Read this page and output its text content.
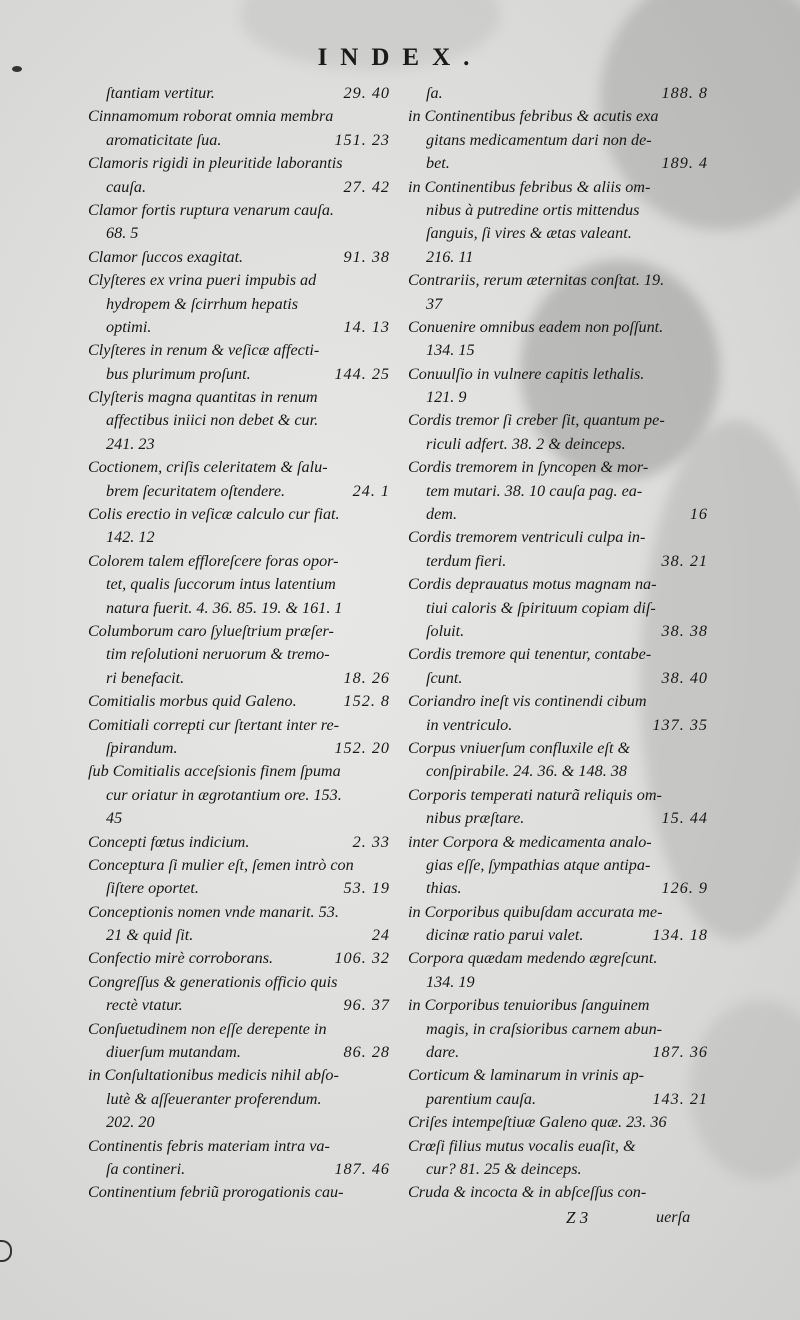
INDEX.
ſtantiam vertitur.	29. 40
Cinnamomum roborat omnia membra
aromaticitate ſua.	151. 23
Clamoris rigidi in pleuritide laborantis
cauſa.	27. 42
Clamor fortis ruptura venarum cauſa.
68. 5
Clamor ſuccos exagitat.	91. 38
Clyſteres ex vrina pueri impubis ad
hydropem & ſcirrhum hepatis
optimi.	14. 13
Clyſteres in renum & veſicæ affecti-
bus plurimum proſunt.	144. 25
Clyſteris magna quantitas in renum
affectibus iniici non debet & cur.
241. 23
Coctionem, criſis celeritatem & ſalu-
brem ſecuritatem oſtendere.	24. 1
Colis erectio in veſicæ calculo cur fiat.
142. 12
Colorem talem effloreſcere foras opor-
tet, qualis ſuccorum intus latentium
natura fuerit. 4. 36. 85. 19. & 161. 1
Columborum caro ſylueſtrium præſer-
tim reſolutioni neruorum & tremo-
ri benefacit.	18. 26
Comitialis morbus quid Galeno.	152. 8
Comitiali correpti cur ſtertant inter re-
ſpirandum.	152. 20
ſub Comitialis acceſsionis finem ſpuma
cur oriatur in ægrotantium ore. 153.
45
Concepti fœtus indicium.	2. 33
Conceptura ſi mulier eſt, ſemen intrò con
ſiſtere oportet.	53. 19
Conceptionis nomen vnde manarit. 53.
21 & quid ſit.	24
Confectio mirè corroborans.	106. 32
Congreſſus & generationis officio quis
rectè vtatur.	96. 37
Conſuetudinem non eſſe derepente in
diuerſum mutandam.	86. 28
in Conſultationibus medicis nihil abſo-
lutè & aſſeueranter proferendum.
202. 20
Continentis febris materiam intra va-
ſa contineri.	187. 46
Continentium febriũ prorogationis cau-
ſa.	188. 8
in Continentibus febribus & acutis exa
gitans medicamentum dari non de-
bet.	189. 4
in Continentibus febribus & aliis om-
nibus à putredine ortis mittendus
ſanguis, ſi vires & ætas valeant.
216. 11
Contrariis, rerum æternitas conſtat. 19.
37
Conuenire omnibus eadem non poſſunt.
134. 15
Conuulſio in vulnere capitis lethalis.
121. 9
Cordis tremor ſi creber ſit, quantum pe-
riculi adfert. 38. 2 & deinceps.
Cordis tremorem in ſyncopen & mor-
tem mutari. 38. 10 cauſa pag. ea-
dem.	16
Cordis tremorem ventriculi culpa in-
terdum fieri.	38. 21
Cordis deprauatus motus magnam na-
tiui caloris & ſpirituum copiam diſ-
ſoluit.	38. 38
Cordis tremore qui tenentur, contabe-
ſcunt.	38. 40
Coriandro ineſt vis continendi cibum
in ventriculo.	137. 35
Corpus vniuerſum confluxile eſt &
conſpirabile. 24. 36. & 148. 38
Corporis temperati naturã reliquis om-
nibus præſtare.	15. 44
inter Corpora & medicamenta analo-
gias eſſe, ſympathias atque antipa-
thias.	126. 9
in Corporibus quibuſdam accurata me-
dicinæ ratio parui valet.	134. 18
Corpora quædam medendo ægreſcunt.
134. 19
in Corporibus tenuioribus ſanguinem
magis, in craſsioribus carnem abun-
dare.	187. 36
Corticum & laminarum in vrinis ap-
parentium cauſa.	143. 21
Criſes intempeſtiuæ Galeno quæ. 23. 36
Crœſi filius mutus vocalis euaſit, &
cur? 81. 25 & deinceps.
Cruda & incocta & in abſceſſus con-
Z 3	uerſa
